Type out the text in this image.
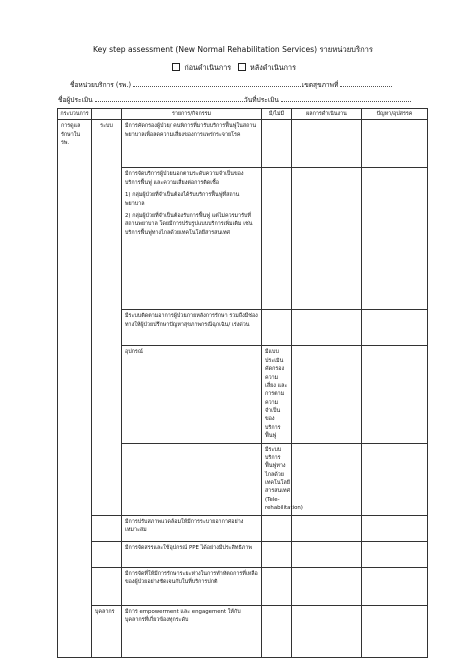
Key step assessment (New Normal Rehabilitation Services) รายหน่วยบริการ
ก่อนดำเนินการ	หลังดำเนินการ
ชื่อหน่วยบริการ (รพ.)	เขตสุขภาพที่
ชื่อผู้ประเมิน	วันที่ประเมิน
กระบวนการ		รายการ/กิจกรรม	มี/ไม่มี	ผลการดำเนินงาน	ปัญหา/อุปสรรค	
การดูแลรักษาใน รพ.	ระบบ	มีการคัดกรองผู้ป่วย/ คนพิการที่มารับบริการฟื้นฟูในสถานพยาบาลเพื่อลดความเสี่ยงของการแพร่กระจายโรค				

		มีการจัดบริการผู้ป่วยนอกตามระดับความจำเป็นของบริการฟื้นฟู และความเสี่ยงต่อการติดเชื้อ

1) กลุ่มผู้ป่วยที่จำเป็นต้องได้รับบริการฟื้นฟูที่สถานพยาบาล

2) กลุ่มผู้ป่วยที่จำเป็นต้องรับการฟื้นฟู แต่ไม่ควรมารับที่สถานพยาบาล โดยมีการปรับรูปแบบบริการเพิ่มเติม เช่น บริการฟื้นฟูทางไกลด้วยเทคโนโลยีสารสนเทศ				

		มีระบบติดตามอาการผู้ป่วยภายหลังการรักษา รวมถึงมีช่องทางให้ผู้ป่วยปรึกษาปัญหาสุขภาพกรณีฉุกเฉิน/ เร่งด่วน				
		อุปกรณ์	มีแบบประเมินคัดกรองความเสี่ยง และการตามความจำเป็นของบริการฟื้นฟู			
			มีระบบบริการฟื้นฟูทางไกลด้วยเทคโนโลยีสารสนเทศ (Tele-rehabilitation)			
		มีการปรับสภาพแวดล้อมให้มีการระบายอากาศอย่างเหมาะสม				
		มีการจัดสรรและใช้อุปกรณ์ PPE ได้อย่างมีประสิทธิภาพ				
		มีการจัดที่ให้มีการรักษาระยะห่างในการทำหัตถการที่เหลือของผู้ป่วยอย่างชัดเจนกับในที่บริการปกติ				
	บุคลากร	มีการ empowerment และ engagement ให้กับบุคลากรที่เกี่ยวข้องทุกระดับ				
